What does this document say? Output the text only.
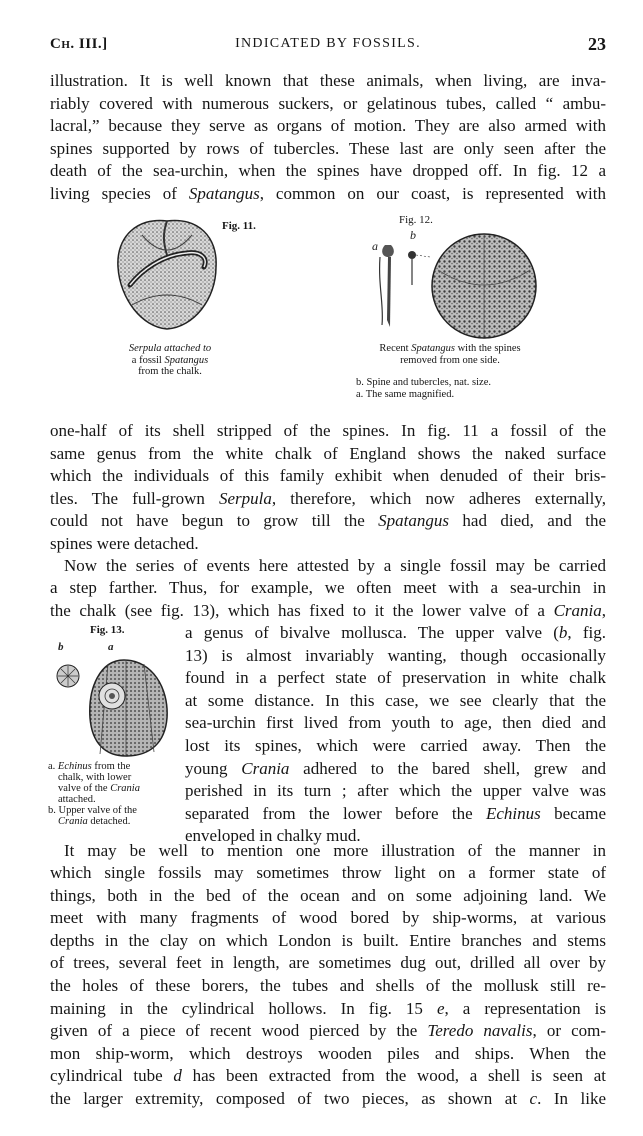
Ch. III.]	INDICATED BY FOSSILS.	23
illustration. It is well known that these animals, when living, are inva-
riably covered with numerous suckers, or gelatinous tubes, called “ ambu-
lacral,” because they serve as organs of motion. They are also armed with
spines supported by rows of tubercles. These last are only seen after the
death of the sea-urchin, when the spines have dropped off. In fig. 12 a
living species of Spatangus, common on our coast, is represented with
Fig. 11.
Serpula attached to
a fossil Spatangus
from the chalk.
Fig. 12.
a
b
Recent Spatangus with the spines
removed from one side.
b. Spine and tubercles, nat. size.
a. The same magnified.
one-half of its shell stripped of the spines. In fig. 11 a fossil of the
same genus from the white chalk of England shows the naked surface
which the individuals of this family exhibit when denuded of their bris-
tles. The full-grown Serpula, therefore, which now adheres externally,
could not have begun to grow till the Spatangus had died, and the
spines were detached.
Now the series of events here attested by a single fossil may be carried
a step farther. Thus, for example, we often meet with a sea-urchin in
the chalk (see fig. 13), which has fixed to it the lower valve of a Crania,
Fig. 13.
b	a
a. Echinus from the
chalk, with lower
valve of the Crania
attached.
b. Upper valve of the
Crania detached.
a genus of bivalve mollusca. The upper valve (b, fig.
13) is almost invariably wanting, though occasionally
found in a perfect state of preservation in white chalk
at some distance. In this case, we see clearly that the
sea-urchin first lived from youth to age, then died and
lost its spines, which were carried away. Then the
young Crania adhered to the bared shell, grew and
perished in its turn ; after which the upper valve was
separated from the lower before the Echinus became
enveloped in chalky mud.
It may be well to mention one more illustration of the manner in
which single fossils may sometimes throw light on a former state of
things, both in the bed of the ocean and on some adjoining land. We
meet with many fragments of wood bored by ship-worms, at various
depths in the clay on which London is built. Entire branches and stems
of trees, several feet in length, are sometimes dug out, drilled all over by
the holes of these borers, the tubes and shells of the mollusk still re-
maining in the cylindrical hollows. In fig. 15 e, a representation is
given of a piece of recent wood pierced by the Teredo navalis, or com-
mon ship-worm, which destroys wooden piles and ships. When the
cylindrical tube d has been extracted from the wood, a shell is seen at
the larger extremity, composed of two pieces, as shown at c. In like
